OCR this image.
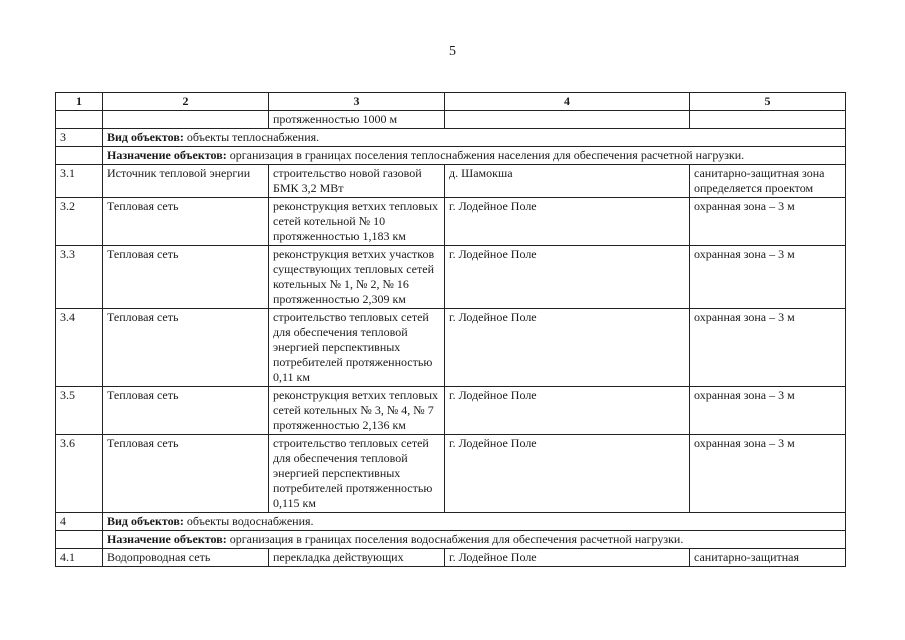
5
1	2	3	4	5
		протяженностью 1000 м		
3	Вид объектов: объекты теплоснабжения.			
	Назначение объектов: организация в границах поселения теплоснабжения населения для обеспечения расчетной нагрузки.			
3.1	Источник тепловой энергии	строительство новой газовой БМК 3,2 МВт	д. Шамокша	санитарно-защитная зона определяется проектом
3.2	Тепловая сеть	реконструкция ветхих тепловых сетей котельной № 10 протяженностью 1,183 км	г. Лодейное Поле	охранная зона – 3 м
3.3	Тепловая сеть	реконструкция ветхих участков существующих тепловых сетей котельных № 1, № 2, № 16 протяженностью 2,309 км	г. Лодейное Поле	охранная зона – 3 м
3.4	Тепловая сеть	строительство тепловых сетей для обеспечения тепловой энергией перспективных потребителей протяженностью 0,11 км	г. Лодейное Поле	охранная зона – 3 м
3.5	Тепловая сеть	реконструкция ветхих тепловых сетей котельных № 3, № 4, № 7 протяженностью 2,136 км	г. Лодейное Поле	охранная зона – 3 м
3.6	Тепловая сеть	строительство тепловых сетей для обеспечения тепловой энергией перспективных потребителей протяженностью 0,115 км	г. Лодейное Поле	охранная зона – 3 м
4	Вид объектов: объекты водоснабжения.			
	Назначение объектов: организация в границах поселения водоснабжения для обеспечения расчетной нагрузки.			
4.1	Водопроводная сеть	перекладка действующих	г. Лодейное Поле	санитарно-защитная
